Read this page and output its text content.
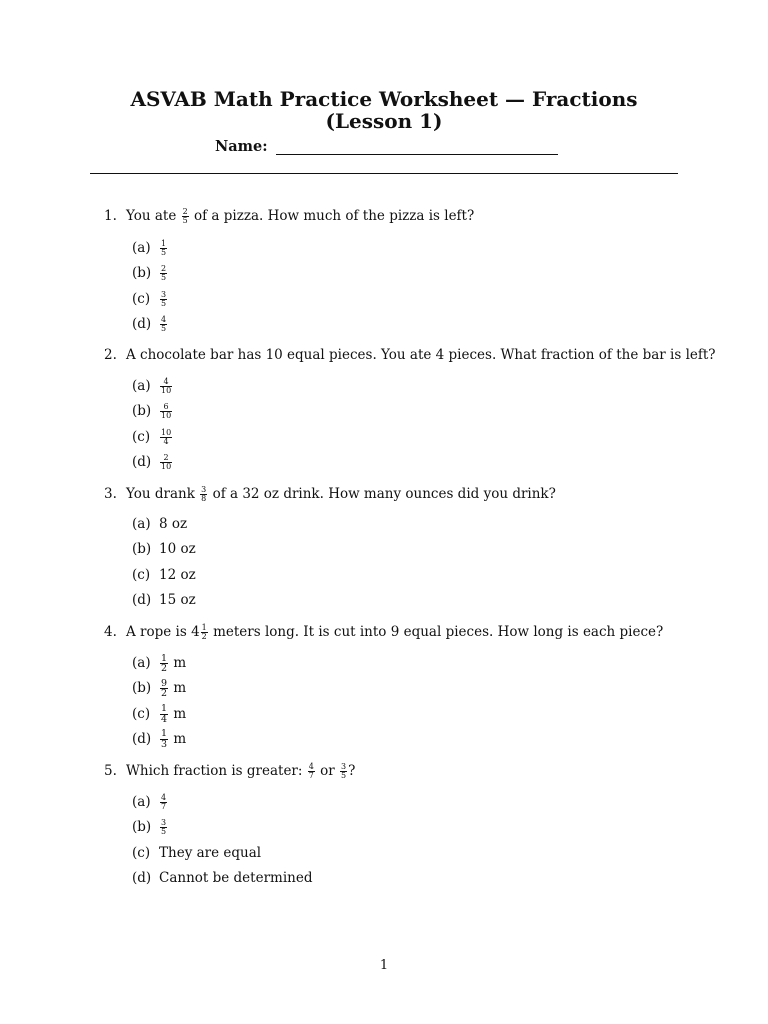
ASVAB Math Practice Worksheet — Fractions
(Lesson 1)
Name:
1. You ate $\frac{2}{5}$ of a pizza. How much of the pizza is left?
$(a) \frac{1}{5}$
$(b) \frac{2}{5}$
$(c) \frac{3}{5}$
$(d) \frac{4}{5}$
2. A chocolate bar has 10 equal pieces. You ate 4 pieces. What fraction of the bar is left?
$(a) \frac{4}{10}$
$(b) \frac{6}{10}$
$(c) \frac{10}{4}$
$(d) \frac{2}{10}$
3. You drank $\frac{3}{8}$ of a 32 oz drink. How many ounces did you drink?
(a) 8 oz
(b) 10 oz
(c) 12 oz
(d) 15 oz
4. A rope is $4 \frac{1}{2}$ meters long. It is cut into 9 equal pieces. How long is each piece?
$(a) \frac{1}{2}$ m
$(b) \frac{9}{2}$ m
$(c) \frac{1}{4}$ m
$(d) \frac{1}{3}$ m
5. Which fraction is greater: $\frac{4}{7}$ or $\frac{3}{5}$ ?
$(a) \frac{4}{7}$
$(b) \frac{3}{5}$
(c) They are equal
(d) Cannot be determined
1
